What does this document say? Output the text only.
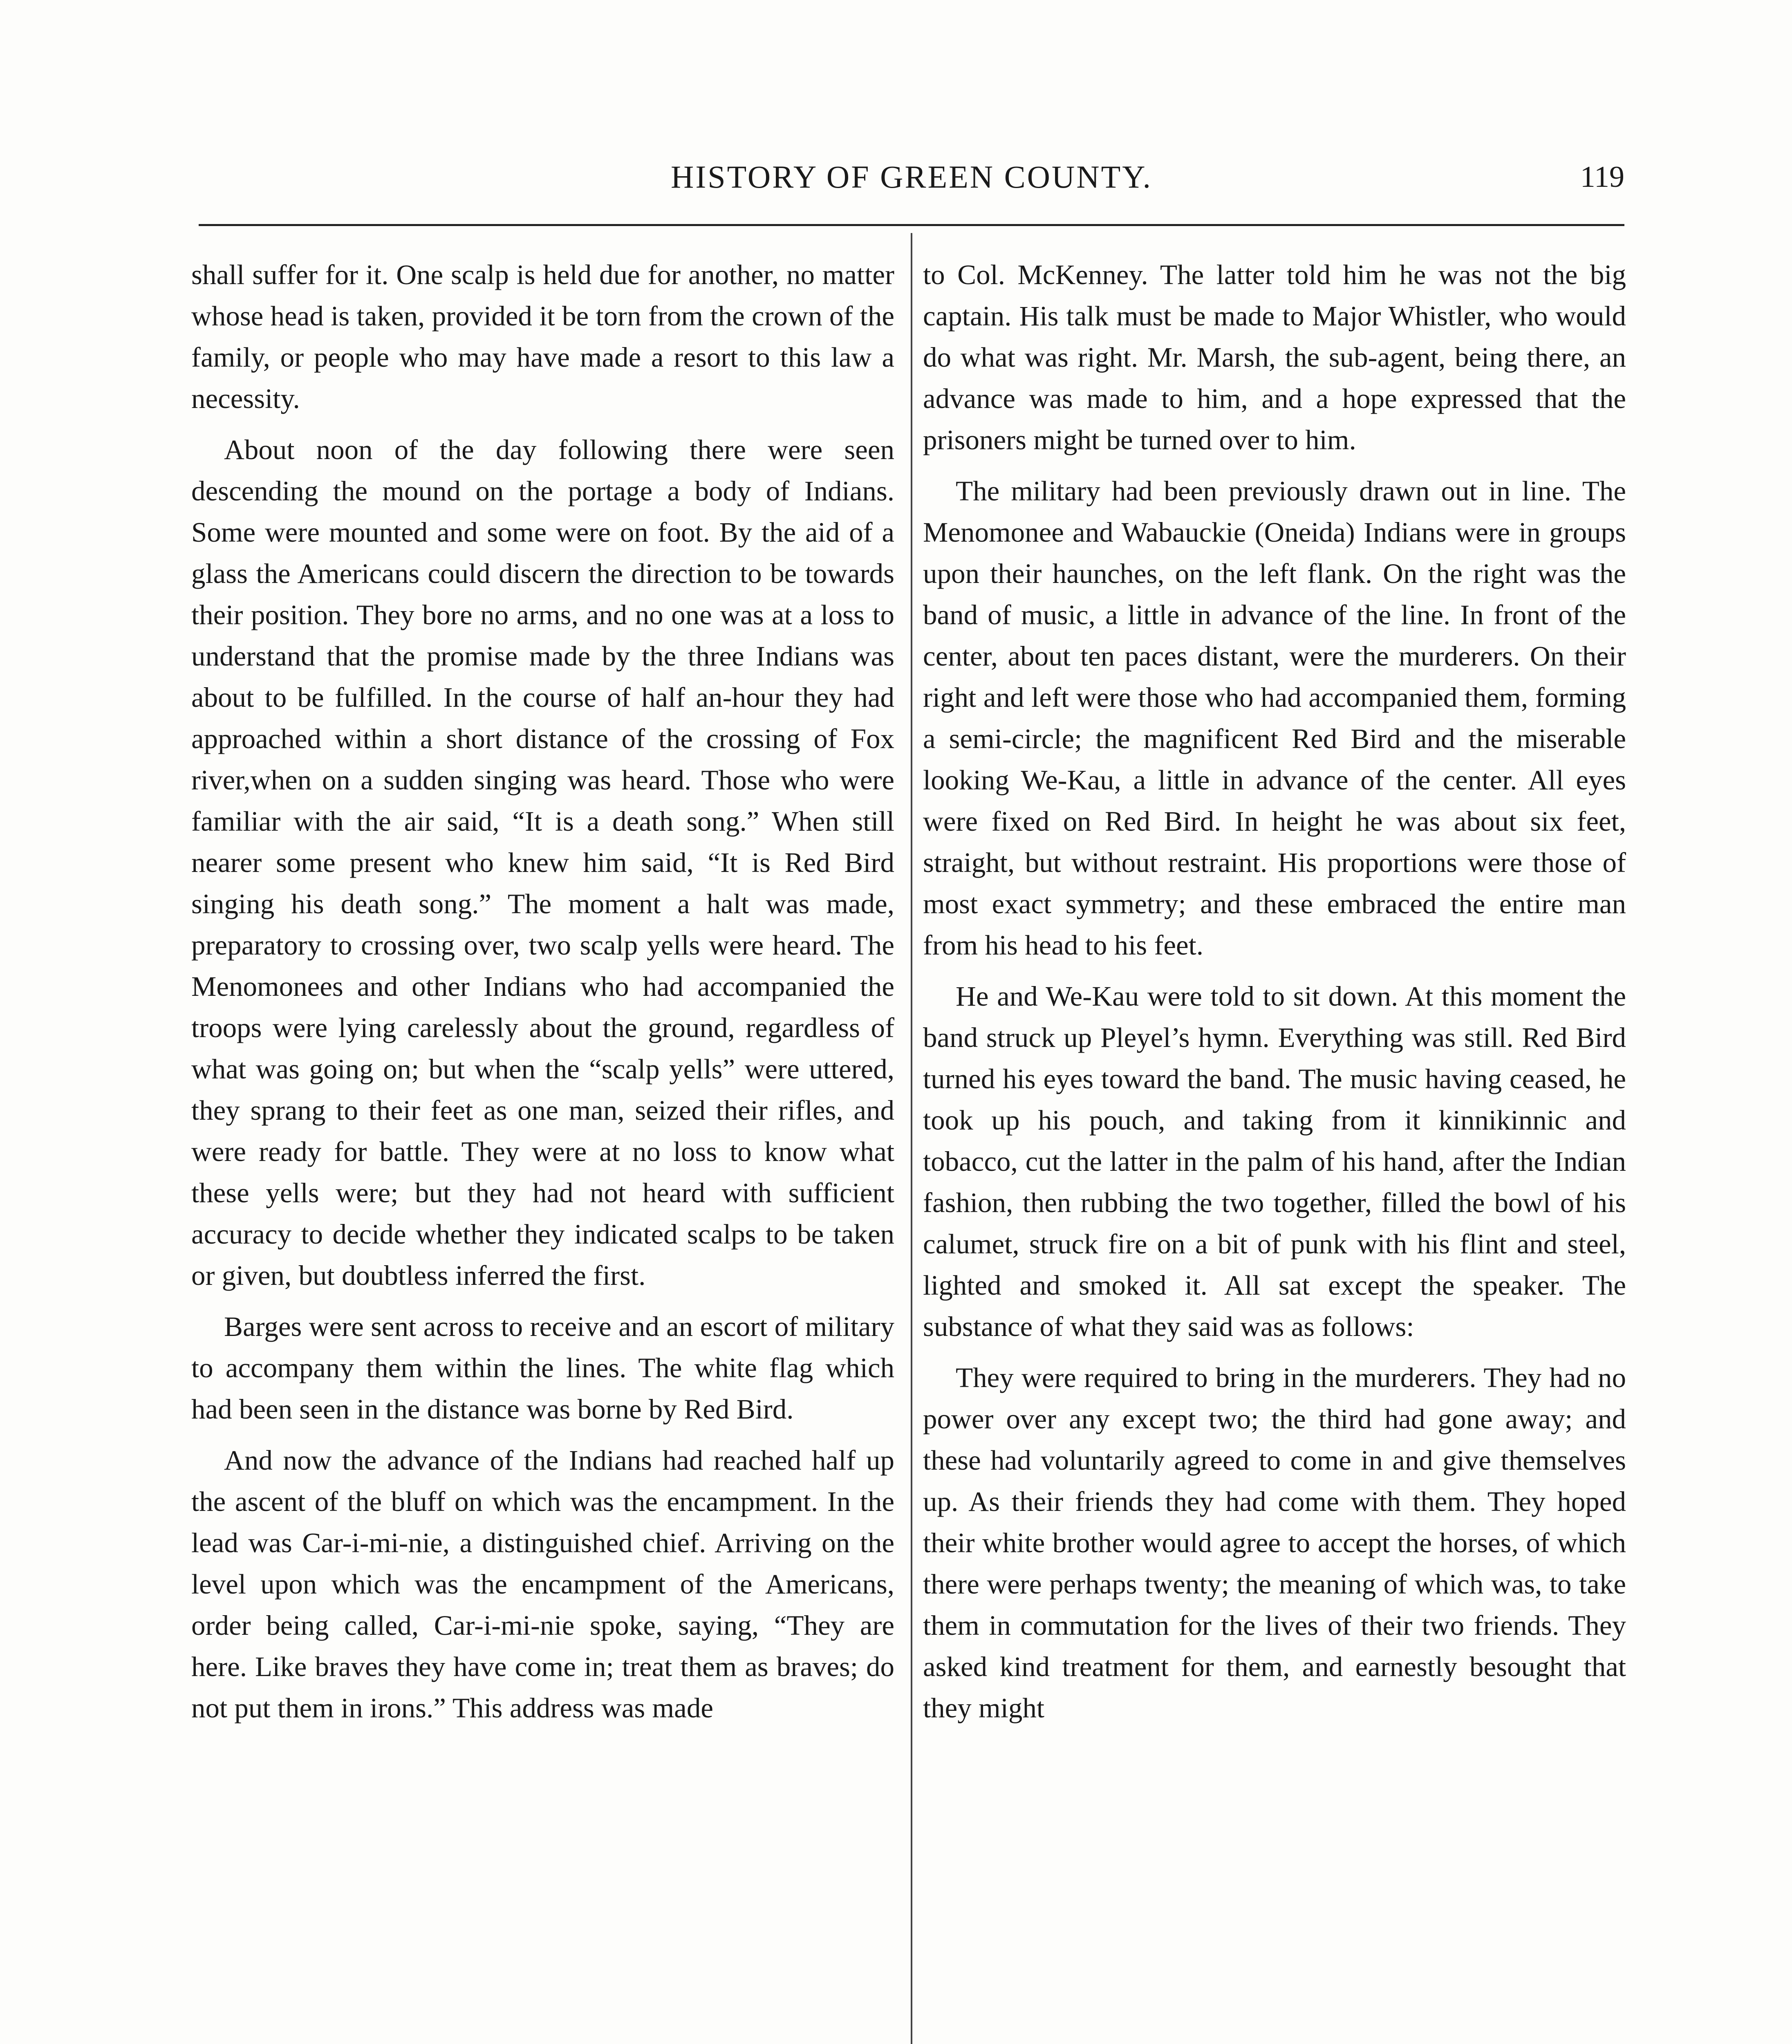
HISTORY OF GREEN COUNTY.	119

shall suffer for it. One scalp is held due for another, no matter whose head is taken, provided it be torn from the crown of the family, or people who may have made a resort to this law a necessity.

About noon of the day following there were seen descending the mound on the portage a body of Indians. Some were mounted and some were on foot. By the aid of a glass the Americans could discern the direction to be towards their position. They bore no arms, and no one was at a loss to understand that the promise made by the three Indians was about to be fulfilled. In the course of half an-hour they had approached within a short distance of the crossing of Fox river,when on a sudden singing was heard. Those who were familiar with the air said, “It is a death song.” When still nearer some present who knew him said, “It is Red Bird singing his death song.” The moment a halt was made, preparatory to crossing over, two scalp yells were heard. The Menomonees and other Indians who had accompanied the troops were lying carelessly about the ground, regardless of what was going on; but when the “scalp yells” were uttered, they sprang to their feet as one man, seized their rifles, and were ready for battle. They were at no loss to know what these yells were; but they had not heard with sufficient accuracy to decide whether they indicated scalps to be taken or given, but doubtless inferred the first.

Barges were sent across to receive and an escort of military to accompany them within the lines. The white flag which had been seen in the distance was borne by Red Bird.

And now the advance of the Indians had reached half up the ascent of the bluff on which was the encampment. In the lead was Car-i-mi-nie, a distinguished chief. Arriving on the level upon which was the encampment of the Americans, order being called, Car-i-mi-nie spoke, saying, “They are here. Like braves they have come in; treat them as braves; do not put them in irons.” This address was made

to Col. McKenney. The latter told him he was not the big captain. His talk must be made to Major Whistler, who would do what was right. Mr. Marsh, the sub-agent, being there, an advance was made to him, and a hope expressed that the prisoners might be turned over to him.

The military had been previously drawn out in line. The Menomonee and Wabauckie (Oneida) Indians were in groups upon their haunches, on the left flank. On the right was the band of music, a little in advance of the line. In front of the center, about ten paces distant, were the murderers. On their right and left were those who had accompanied them, forming a semi-circle; the magnificent Red Bird and the miserable looking We-Kau, a little in advance of the center. All eyes were fixed on Red Bird. In height he was about six feet, straight, but without restraint. His proportions were those of most exact symmetry; and these embraced the entire man from his head to his feet.

He and We-Kau were told to sit down. At this moment the band struck up Pleyel’s hymn. Everything was still. Red Bird turned his eyes toward the band. The music having ceased, he took up his pouch, and taking from it kinnikinnic and tobacco, cut the latter in the palm of his hand, after the Indian fashion, then rubbing the two together, filled the bowl of his calumet, struck fire on a bit of punk with his flint and steel, lighted and smoked it. All sat except the speaker. The substance of what they said was as follows:

They were required to bring in the murderers. They had no power over any except two; the third had gone away; and these had voluntarily agreed to come in and give themselves up. As their friends they had come with them. They hoped their white brother would agree to accept the horses, of which there were perhaps twenty; the meaning of which was, to take them in commutation for the lives of their two friends. They asked kind treatment for them, and earnestly besought that they might
